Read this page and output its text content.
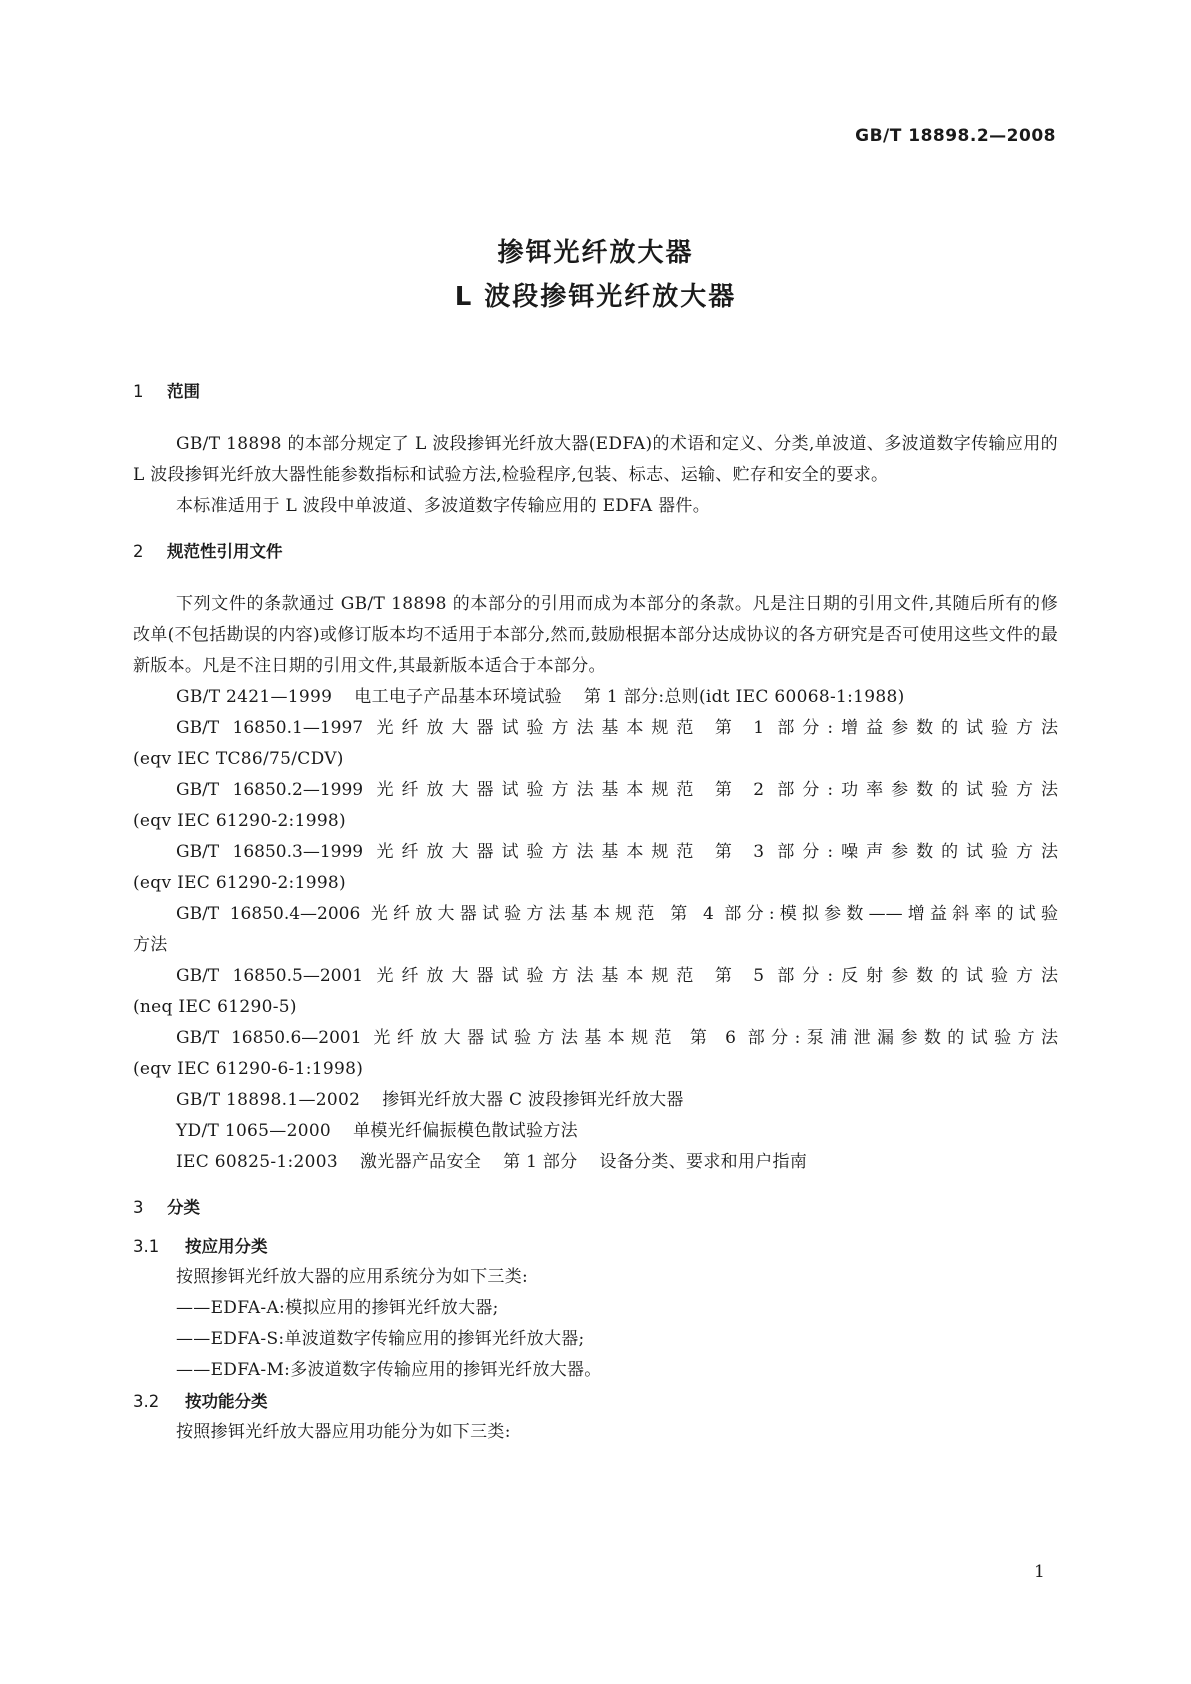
GB/T 18898.2—2008
掺铒光纤放大器
L 波段掺铒光纤放大器
1 范围
GB/T 18898 的本部分规定了 L 波段掺铒光纤放大器(EDFA)的术语和定义、分类,单波道、多波道数字传输应用的 L 波段掺铒光纤放大器性能参数指标和试验方法,检验程序,包装、标志、运输、贮存和安全的要求。
本标准适用于 L 波段中单波道、多波道数字传输应用的 EDFA 器件。
2 规范性引用文件
下列文件的条款通过 GB/T 18898 的本部分的引用而成为本部分的条款。凡是注日期的引用文件,其随后所有的修改单(不包括勘误的内容)或修订版本均不适用于本部分,然而,鼓励根据本部分达成协议的各方研究是否可使用这些文件的最新版本。凡是不注日期的引用文件,其最新版本适合于本部分。
GB/T 2421—1999 电工电子产品基本环境试验 第 1 部分:总则(idt IEC 60068-1:1988)
GB/T 16850.1—1997 光纤放大器试验方法基本规范 第 1 部分:增益参数的试验方法
(eqv IEC TC86/75/CDV)
GB/T 16850.2—1999 光纤放大器试验方法基本规范 第 2 部分:功率参数的试验方法
(eqv IEC 61290-2:1998)
GB/T 16850.3—1999 光纤放大器试验方法基本规范 第 3 部分:噪声参数的试验方法
(eqv IEC 61290-2:1998)
GB/T 16850.4—2006 光纤放大器试验方法基本规范 第 4 部分:模拟参数——增益斜率的试验
方法
GB/T 16850.5—2001 光纤放大器试验方法基本规范 第 5 部分:反射参数的试验方法
(neq IEC 61290-5)
GB/T 16850.6—2001 光纤放大器试验方法基本规范 第 6 部分:泵浦泄漏参数的试验方法
(eqv IEC 61290-6-1:1998)
GB/T 18898.1—2002 掺铒光纤放大器 C 波段掺铒光纤放大器
YD/T 1065—2000 单模光纤偏振模色散试验方法
IEC 60825-1:2003 激光器产品安全 第 1 部分 设备分类、要求和用户指南
3 分类
3.1 按应用分类
按照掺铒光纤放大器的应用系统分为如下三类:
——EDFA-A:模拟应用的掺铒光纤放大器;
——EDFA-S:单波道数字传输应用的掺铒光纤放大器;
——EDFA-M:多波道数字传输应用的掺铒光纤放大器。
3.2 按功能分类
按照掺铒光纤放大器应用功能分为如下三类:
1
